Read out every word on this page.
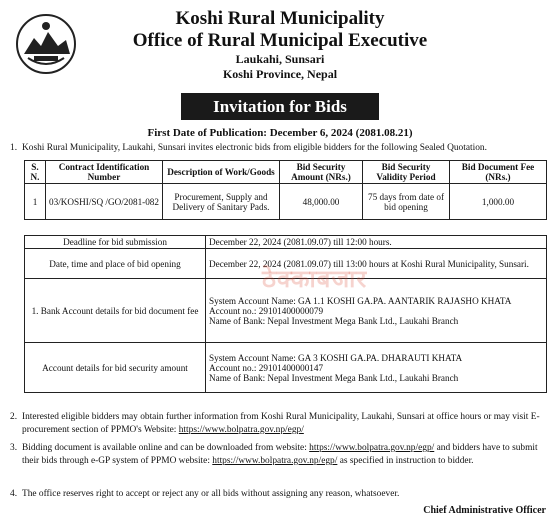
Koshi Rural Municipality
Office of Rural Municipal Executive
Laukahi, Sunsari
Koshi Province, Nepal
Invitation for Bids
First Date of Publication: December 6, 2024 (2081.08.21)
1. Koshi Rural Municipality, Laukahi, Sunsari invites electronic bids from eligible bidders for the following Sealed Quotation.
S. N.	Contract Identification Number	Description of Work/Goods	Bid Security Amount (NRs.)	Bid Security Validity Period	Bid Document Fee (NRs.)
1	03/KOSHI/SQ /GO/2081-082	Procurement, Supply and Delivery of Sanitary Pads.	48,000.00	75 days from date of bid opening	1,000.00
Deadline for bid submission	December 22, 2024 (2081.09.07) till 12:00 hours.
Date, time and place of bid opening	December 22, 2024 (2081.09.07) till 13:00 hours at Koshi Rural Municipality, Sunsari.
1. Bank Account details for bid document fee	System Account Name: GA 1.1 KOSHI GA.PA. AANTARIK RAJASHO KHATA
Account no.: 29101400000079
Name of Bank: Nepal Investment Mega Bank Ltd., Laukahi Branch

Account details for bid security amount	System Account Name: GA 3 KOSHI GA.PA. DHARAUTI KHATA
Account no.: 29101400000147
Name of Bank: Nepal Investment Mega Bank Ltd., Laukahi Branch
ठेक्काबजार
2. Interested eligible bidders may obtain further information from Koshi Rural Municipality, Laukahi, Sunsari at office hours or may visit E-procurement section of PPMO's Website: https://www.bolpatra.gov.np/egp/
3. Bidding document is available online and can be downloaded from website: https://www.bolpatra.gov.np/egp/ and bidders have to submit their bids through e-GP system of PPMO website: https://www.bolpatra.gov.np/egp/ as specified in instruction to bidder.
4. The office reserves right to accept or reject any or all bids without assigning any reason, whatsoever.
Chief Administrative Officer
